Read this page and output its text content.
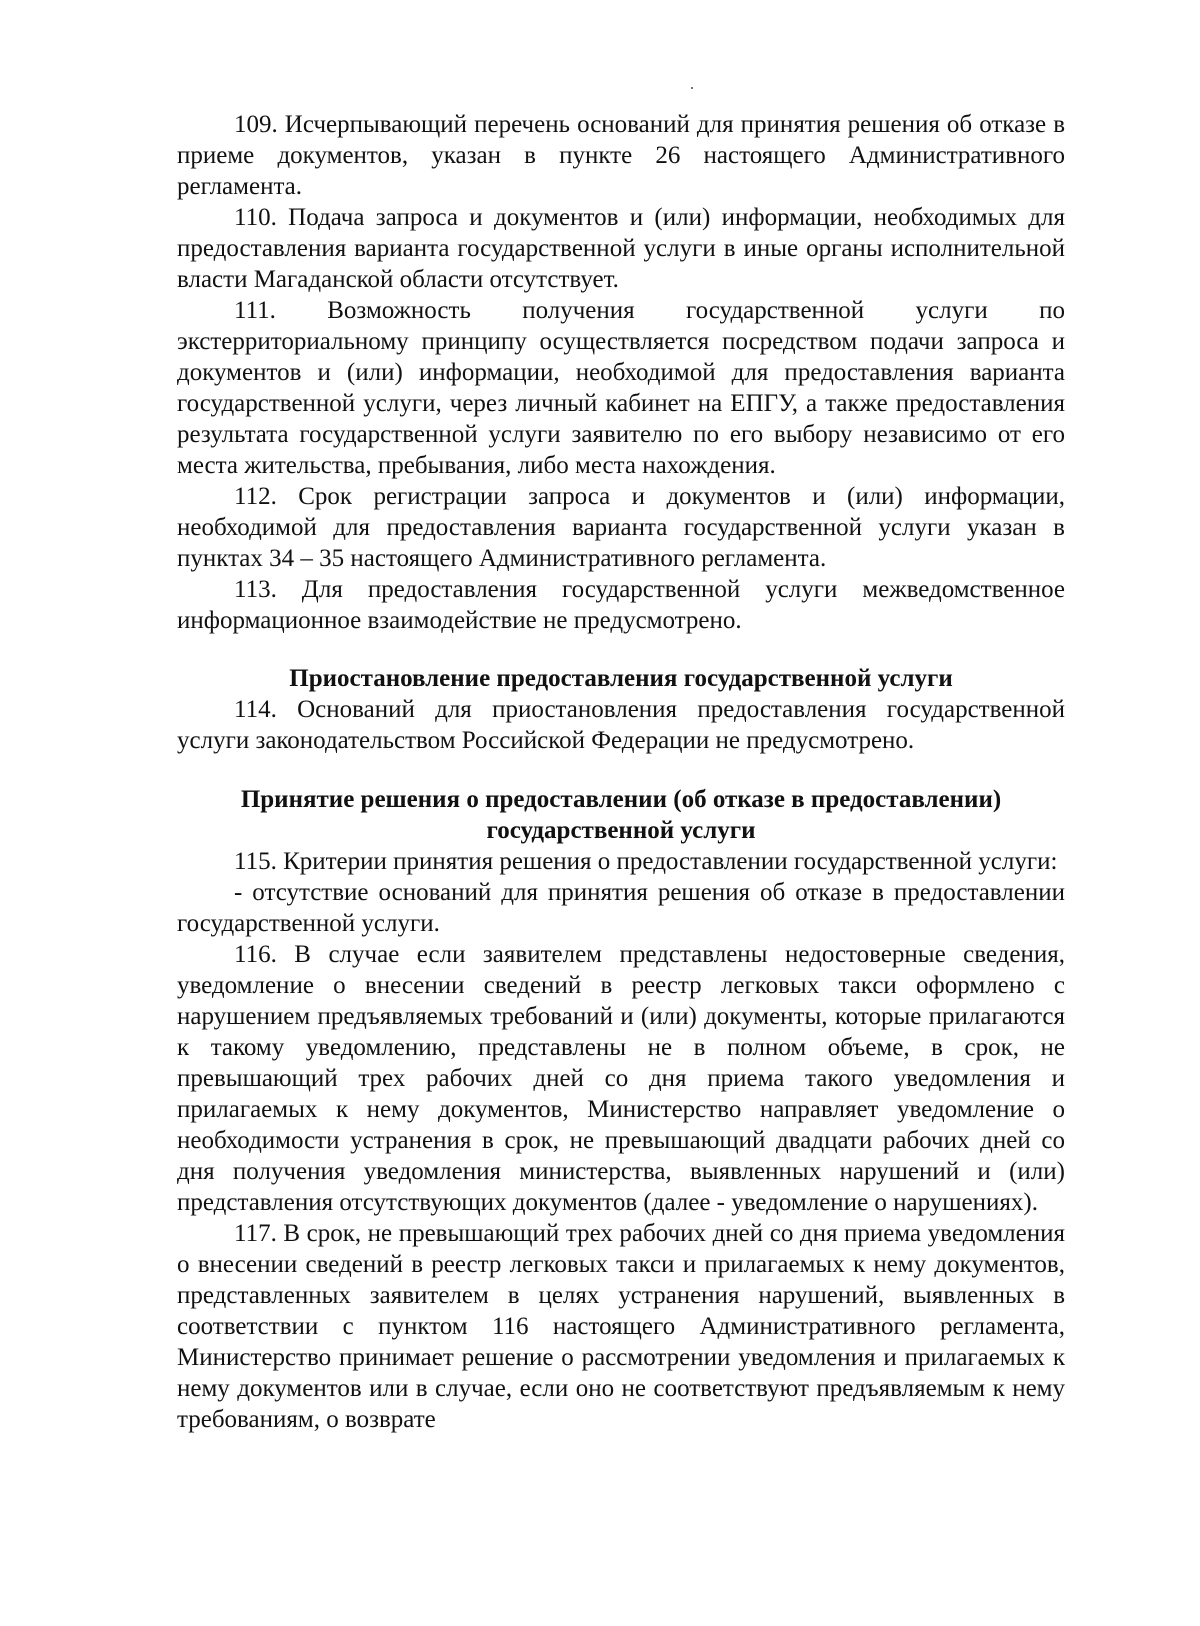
109. Исчерпывающий перечень оснований для принятия решения об отказе в приеме документов, указан в пункте 26 настоящего Административного регламента.

110. Подача запроса и документов и (или) информации, необходимых для предоставления варианта государственной услуги в иные органы исполнительной власти Магаданской области отсутствует.

111. Возможность получения государственной услуги по экстерриториальному принципу осуществляется посредством подачи запроса и документов и (или) информации, необходимой для предоставления варианта государственной услуги, через личный кабинет на ЕПГУ, а также предоставления результата государственной услуги заявителю по его выбору независимо от его места жительства, пребывания, либо места нахождения.

112. Срок регистрации запроса и документов и (или) информации, необходимой для предоставления варианта государственной услуги указан в пунктах 34 – 35 настоящего Административного регламента.

113. Для предоставления государственной услуги межведомственное информационное взаимодействие не предусмотрено.

Приостановление предоставления государственной услуги

114. Оснований для приостановления предоставления государственной услуги законодательством Российской Федерации не предусмотрено.

Принятие решения о предоставлении (об отказе в предоставлении) государственной услуги

115. Критерии принятия решения о предоставлении государственной услуги:

- отсутствие оснований для принятия решения об отказе в предоставлении государственной услуги.

116. В случае если заявителем представлены недостоверные сведения, уведомление о внесении сведений в реестр легковых такси оформлено с нарушением предъявляемых требований и (или) документы, которые прилагаются к такому уведомлению, представлены не в полном объеме, в срок, не превышающий трех рабочих дней со дня приема такого уведомления и прилагаемых к нему документов, Министерство направляет уведомление о необходимости устранения в срок, не превышающий двадцати рабочих дней со дня получения уведомления министерства, выявленных нарушений и (или) представления отсутствующих документов (далее - уведомление о нарушениях).

117. В срок, не превышающий трех рабочих дней со дня приема уведомления о внесении сведений в реестр легковых такси и прилагаемых к нему документов, представленных заявителем в целях устранения нарушений, выявленных в соответствии с пунктом 116 настоящего Административного регламента, Министерство принимает решение о рассмотрении уведомления и прилагаемых к нему документов или в случае, если оно не соответствуют предъявляемым к нему требованиям, о возврате
